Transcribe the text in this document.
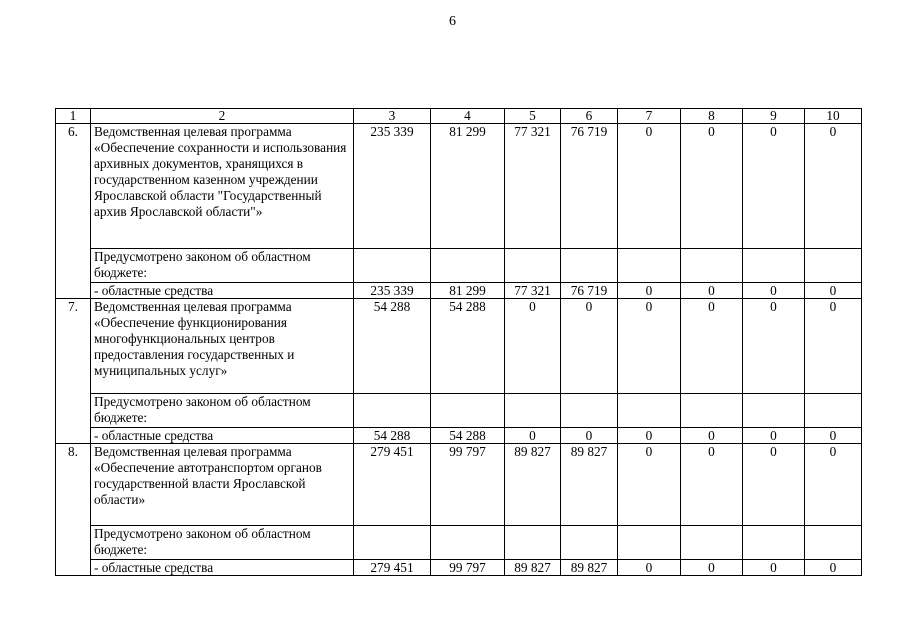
6
1	2	3	4	5	6	7	8	9	10
6.	Ведомственная целевая программа «Обеспечение сохранности и использования архивных документов, хранящихся в государственном казенном учреждении Ярославской области "Государственный архив Ярославской области"»	235 339	81 299	77 321	76 719	0	0	0	0
	Предусмотрено законом об областном бюджете:								
	- областные средства	235 339	81 299	77 321	76 719	0	0	0	0
7.	Ведомственная целевая программа «Обеспечение функционирования многофункциональных центров предоставления государственных и муниципальных услуг»	54 288	54 288	0	0	0	0	0	0
	Предусмотрено законом об областном бюджете:								
	- областные средства	54 288	54 288	0	0	0	0	0	0
8.	Ведомственная целевая программа «Обеспечение автотранспортом органов государственной власти Ярославской области»	279 451	99 797	89 827	89 827	0	0	0	0
	Предусмотрено законом об областном бюджете:								
	- областные средства	279 451	99 797	89 827	89 827	0	0	0	0
